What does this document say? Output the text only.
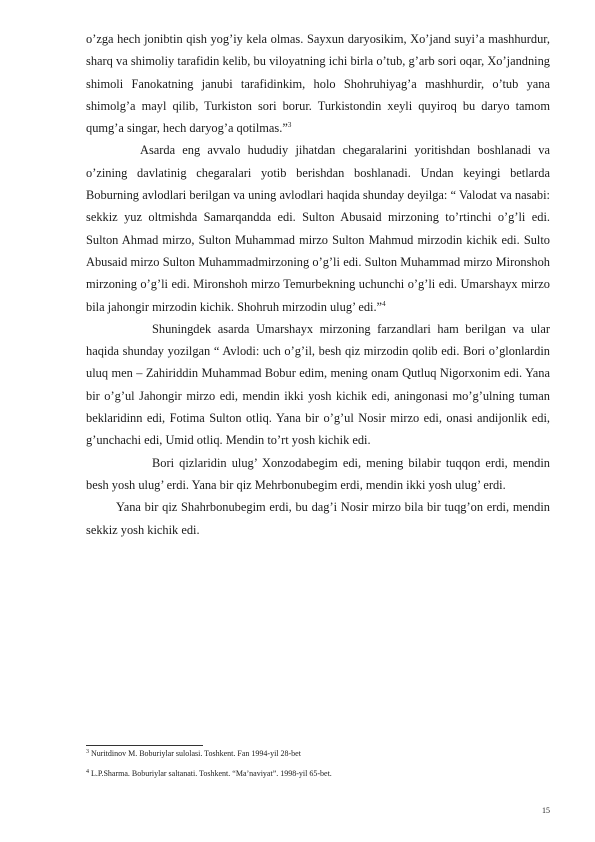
o’zga hech jonibtin qish yog’iy kela olmas. Sayxun daryosikim, Xo’jand suyi’a mashhurdur, sharq va shimoliy tarafidin kelib, bu viloyatning ichi birla o’tub, g’arb sori oqar, Xo’jandning shimoli Fanokatning janubi tarafidinkim, holo Shohruhiyag’a mashhurdir, o’tub yana shimolg’a mayl qilib, Turkiston sori borur. Turkistondin xeyli quyiroq bu daryo tamom qumg’a singar, hech daryog’a qotilmas.”$^3$

Asarda eng avvalo hududiy jihatdan chegaralarini yoritishdan boshlanadi va o’zining davlatinig chegaralari yotib berishdan boshlanadi. Undan keyingi betlarda Boburning avlodlari berilgan va uning avlodlari haqida shunday deyilga: “ Valodat va nasabi: sekkiz yuz oltmishda Samarqandda edi. Sulton Abusaid mirzoning to’rtinchi o’g’li edi. Sulton Ahmad mirzo, Sulton Muhammad mirzo Sulton Mahmud mirzodin kichik edi. Sulto Abusaid mirzo Sulton Muhammadmirzoning o’g’li edi. Sulton Muhammad mirzo Mironshoh mirzoning o’g’li edi. Mironshoh mirzo Temurbekning uchunchi o’g’li edi. Umarshayx mirzo bila jahongir mirzodin kichik. Shohruh mirzodin ulug’ edi.”$^4$

Shuningdek asarda Umarshayx mirzoning farzandlari ham berilgan va ular haqida shunday yozilgan “ Avlodi: uch o’g’il, besh qiz mirzodin qolib edi. Bori o’glonlardin uluq men – Zahiriddin Muhammad Bobur edim, mening onam Qutluq Nigorxonim edi. Yana bir o’g’ul Jahongir mirzo edi, mendin ikki yosh kichik edi, aningonasi mo’g’ulning tuman beklaridinn edi, Fotima Sulton otliq. Yana bir o’g’ul Nosir mirzo edi, onasi andijonlik edi, g’unchachi edi, Umid otliq. Mendin to’rt yosh kichik edi.

Bori qizlaridin ulug’ Xonzodabegim edi, mening bilabir tuqqon erdi, mendin besh yosh ulug’ erdi. Yana bir qiz Mehrbonubegim erdi, mendin ikki yosh ulug’ erdi.

Yana bir qiz Shahrbonubegim erdi, bu dag’i Nosir mirzo bila bir tuqg’on erdi, mendin sekkiz yosh kichik edi.

$^3$ Nuritdinov M. Boburiylar sulolasi. Toshkent. Fan 1994-yil 28-bet

$^4$ L.P.Sharma. Boburiylar saltanati. Toshkent. “Ma’naviyat”. 1998-yil 65-bet.

15
